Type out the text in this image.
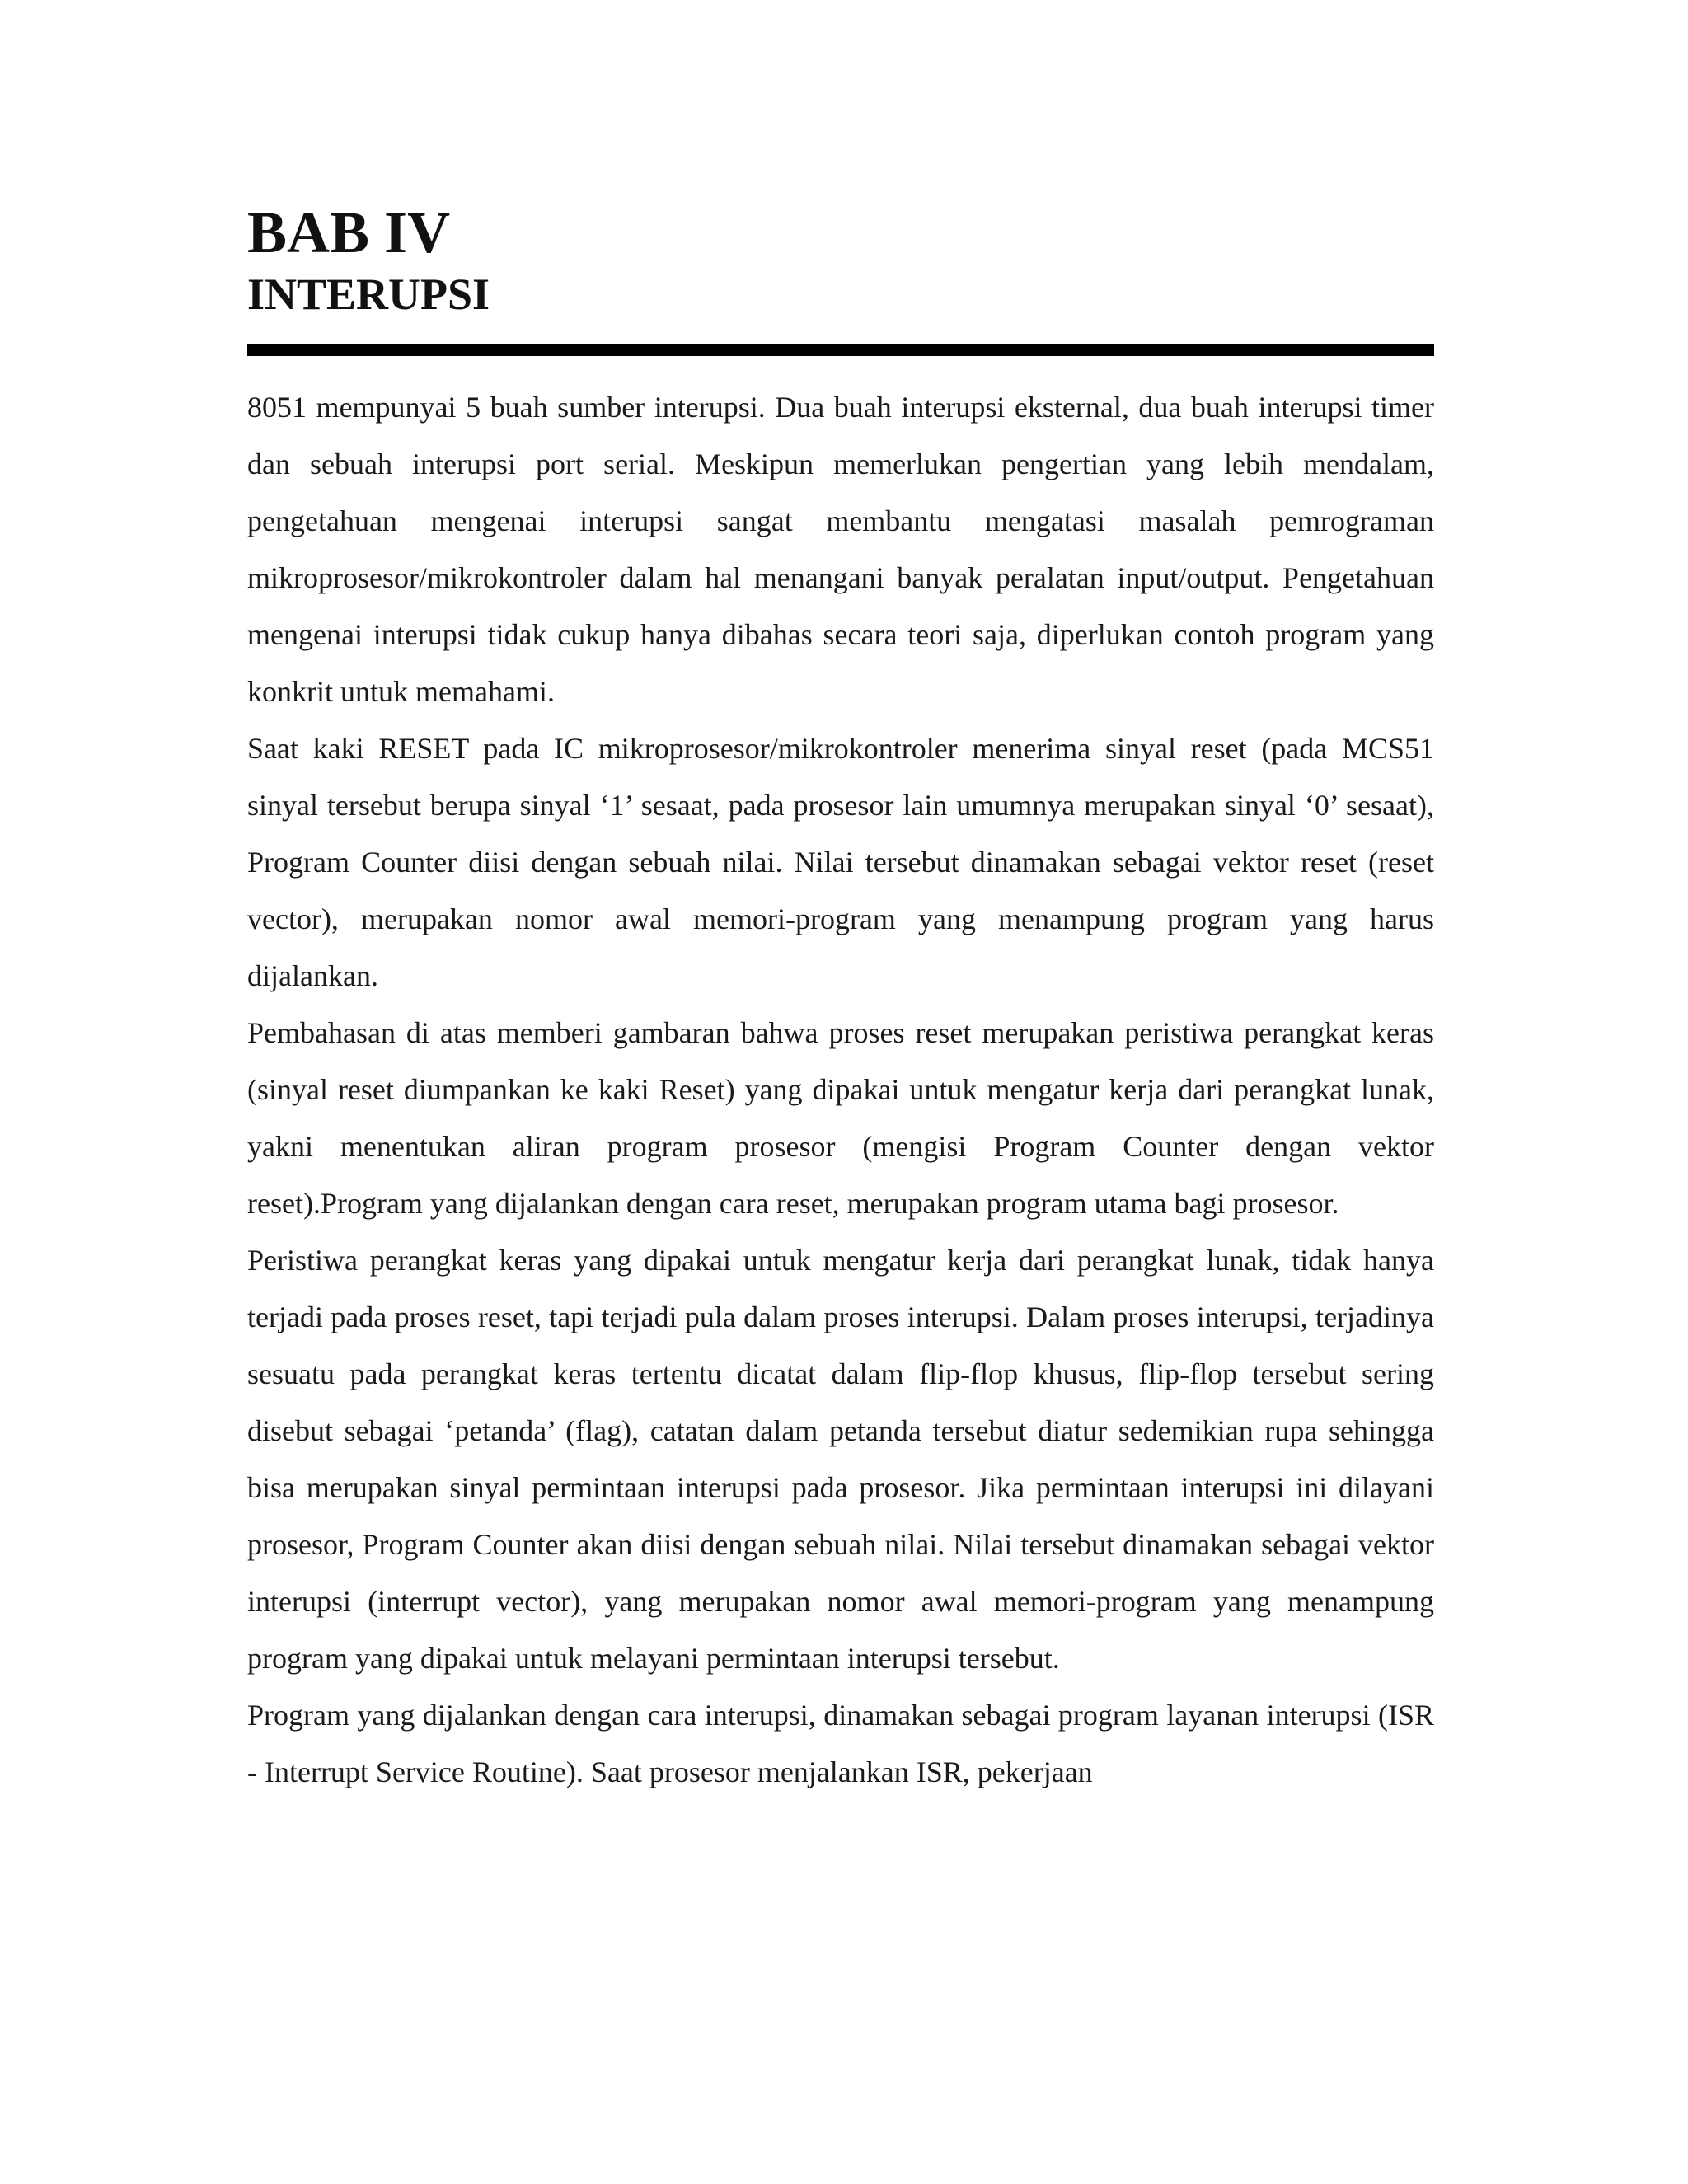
BAB IV
INTERUPSI

8051 mempunyai 5 buah sumber interupsi. Dua buah interupsi eksternal, dua buah interupsi timer dan sebuah interupsi port serial. Meskipun memerlukan pengertian yang lebih mendalam, pengetahuan mengenai interupsi sangat membantu mengatasi masalah pemrograman mikroprosesor/mikrokontroler dalam hal menangani banyak peralatan input/output. Pengetahuan mengenai interupsi tidak cukup hanya dibahas secara teori saja, diperlukan contoh program yang konkrit untuk memahami.

Saat kaki RESET pada IC mikroprosesor/mikrokontroler menerima sinyal reset (pada MCS51 sinyal tersebut berupa sinyal ‘1’ sesaat, pada prosesor lain umumnya merupakan sinyal ‘0’ sesaat), Program Counter diisi dengan sebuah nilai. Nilai tersebut dinamakan sebagai vektor reset (reset vector), merupakan nomor awal memori-program yang menampung program yang harus dijalankan.

Pembahasan di atas memberi gambaran bahwa proses reset merupakan peristiwa perangkat keras (sinyal reset diumpankan ke kaki Reset) yang dipakai untuk mengatur kerja dari perangkat lunak, yakni menentukan aliran program prosesor (mengisi Program Counter dengan vektor reset).Program yang dijalankan dengan cara reset, merupakan program utama bagi prosesor.

Peristiwa perangkat keras yang dipakai untuk mengatur kerja dari perangkat lunak, tidak hanya terjadi pada proses reset, tapi terjadi pula dalam proses interupsi. Dalam proses interupsi, terjadinya sesuatu pada perangkat keras tertentu dicatat dalam flip-flop khusus, flip-flop tersebut sering disebut sebagai ‘petanda’ (flag), catatan dalam petanda tersebut diatur sedemikian rupa sehingga bisa merupakan sinyal permintaan interupsi pada prosesor. Jika permintaan interupsi ini dilayani prosesor, Program Counter akan diisi dengan sebuah nilai. Nilai tersebut dinamakan sebagai vektor interupsi (interrupt vector), yang merupakan nomor awal memori-program yang menampung program yang dipakai untuk melayani permintaan interupsi tersebut.

Program yang dijalankan dengan cara interupsi, dinamakan sebagai program layanan interupsi (ISR - Interrupt Service Routine). Saat prosesor menjalankan ISR, pekerjaan
